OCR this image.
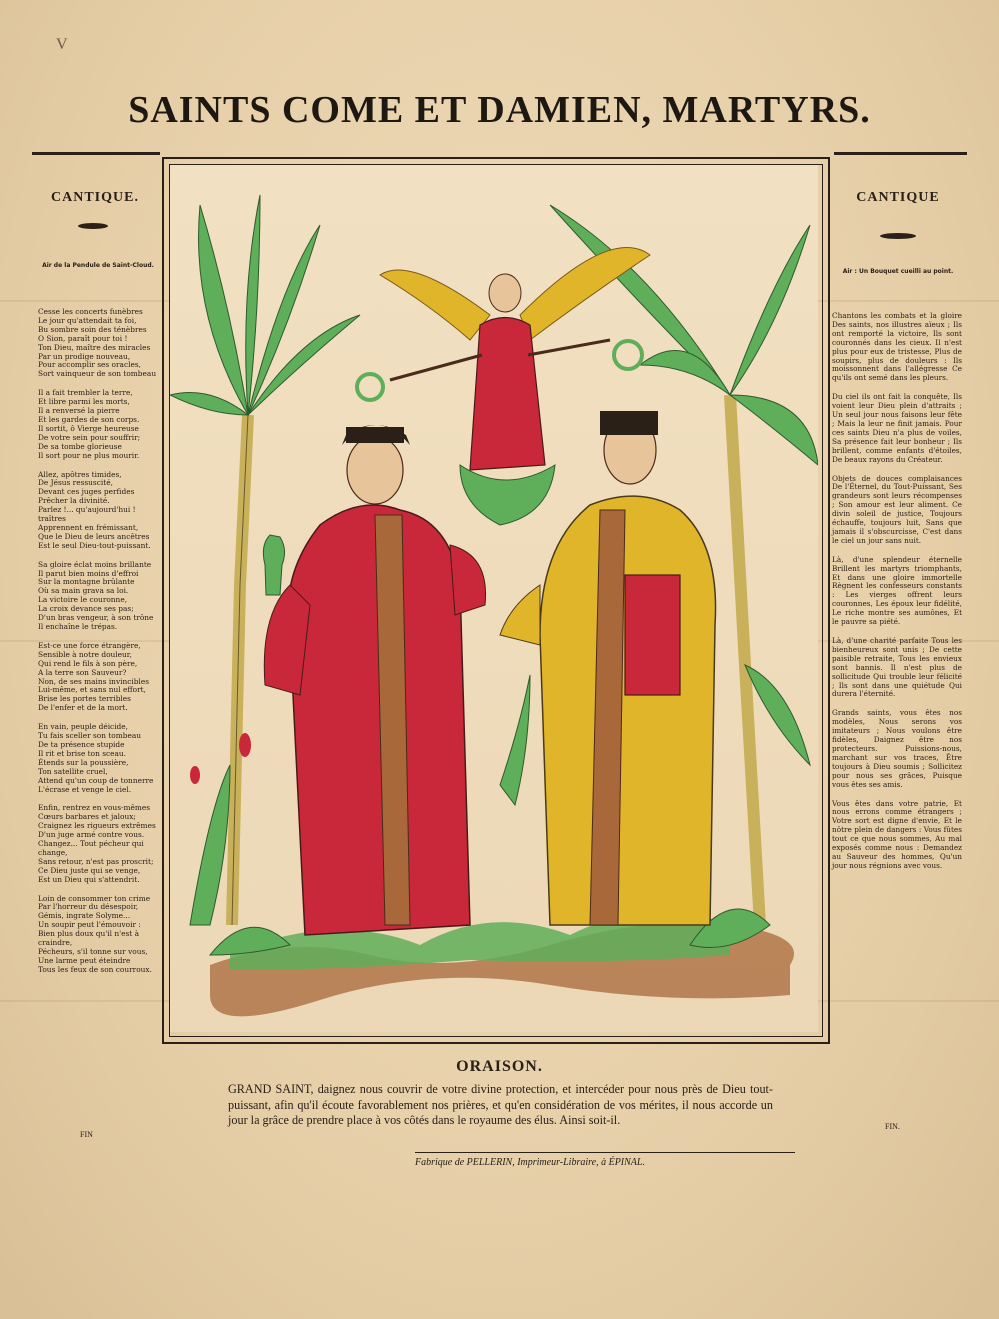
V
SAINTS COME ET DAMIEN, MARTYRS.
CANTIQUE.
Air de la Pendule de Saint-Cloud.
Cesse les concerts funèbres
Le jour qu'attendait ta foi,
Bu sombre soin des ténèbres
O Sion, paraît pour toi !
Ton Dieu, maître des miracles
Par un prodige nouveau,
Pour accomplir ses oracles,
Sort vainqueur de son tombeau
Il a fait trembler la terre,
Et libre parmi les morts,
Il a renversé la pierre
Et les gardes de son corps.
Il sortit, ô Vierge heureuse
De votre sein pour souffrir;
De sa tombe glorieuse
Il sort pour ne plus mourir.
Allez, apôtres timides,
De Jésus ressuscité,
Devant ces juges perfides
Prêcher la divinité.
Parlez !... qu'aujourd'hui !
traîtres
Apprennent en frémissant,
Que le Dieu de leurs ancêtres
Est le seul Dieu-tout-puissant.
Sa gloire éclat moins brillante
Il parut bien moins d'effroi
Sur la montagne brûlante
Où sa main grava sa loi.
La victoire le couronne,
La croix devance ses pas;
D'un bras vengeur, à son trône
Il enchaîne le trépas.
Est-ce une force étrangère,
Sensible à notre douleur,
Qui rend le fils à son père,
A la terre son Sauveur?
Non, de ses mains invincibles
Lui-même, et sans nul effort,
Brise les portes terribles
De l'enfer et de la mort.
En vain, peuple déicide,
Tu fais sceller son tombeau
De ta présence stupide
Il rit et brise ton sceau.
Étends sur la poussière,
Ton satellite cruel,
Attend qu'un coup de tonnerre
L'écrase et venge le ciel.
Enfin, rentrez en vous-mêmes
Cœurs barbares et jaloux;
Craignez les rigueurs extrêmes
D'un juge armé contre vous.
Changez... Tout pécheur qui
change,
Sans retour, n'est pas proscrit;
Ce Dieu juste qui se venge,
Est un Dieu qui s'attendrit.
Loin de consommer ton crime
Par l'horreur du désespoir,
Gémis, ingrate Solyme...
Un soupir peut l'émouvoir :
Bien plus doux qu'il n'est à
craindre,
Pécheurs, s'il tonne sur vous,
Une larme peut éteindre
Tous les feux de son courroux.
FIN
CANTIQUE
Air : Un Bouquet cueilli au point.
Chantons les combats et la gloire Des saints, nos illustres aïeux ; Ils ont remporté la victoire, Ils sont couronnés dans les cieux. Il n'est plus pour eux de tristesse, Plus de soupirs, plus de douleurs : Ils moissonnent dans l'allégresse Ce qu'ils ont semé dans les pleurs.
Du ciel ils ont fait la conquête, Ils voient leur Dieu plein d'attraits ; Un seul jour nous faisons leur fête ; Mais la leur ne finit jamais. Pour ces saints Dieu n'a plus de voiles, Sa présence fait leur bonheur ; Ils brillent, comme enfants d'étoiles, De beaux rayons du Créateur.
Objets de douces complaisances De l'Éternel, du Tout-Puissant, Ses grandeurs sont leurs récompenses ; Son amour est leur aliment. Ce divin soleil de justice, Toujours échauffe, toujours luit, Sans que jamais il s'obscurcisse, C'est dans le ciel un jour sans nuit.
Là, d'une splendeur éternelle Brillent les martyrs triomphants, Et dans une gloire immortelle Règnent les confesseurs constants : Les vierges offrent leurs couronnes, Les époux leur fidélité, Le riche montre ses aumônes, Et le pauvre sa piété.
Là, d'une charité parfaite Tous les bienheureux sont unis ; De cette paisible retraite, Tous les envieux sont bannis. Il n'est plus de sollicitude Qui trouble leur félicité ; Ils sont dans une quiétude Qui durera l'éternité.
Grands saints, vous êtes nos modèles, Nous serons vos imitateurs ; Nous voulons être fidèles, Daignez être nos protecteurs. Puissions-nous, marchant sur vos traces, Être toujours à Dieu soumis ; Sollicitez pour nous ses grâces, Puisque vous êtes ses amis.
Vous êtes dans votre patrie, Et nous errons comme étrangers ; Votre sort est digne d'envie, Et le nôtre plein de dangers : Vous fûtes tout ce que nous sommes, Au mal exposés comme nous : Demandez au Sauveur des hommes, Qu'un jour nous régnions avec vous.
FIN.
ORAISON.
GRAND SAINT, daignez nous couvrir de votre divine protection, et intercéder pour nous près de Dieu tout-puissant, afin qu'il écoute favorablement nos prières, et qu'en considération de vos mérites, il nous accorde un jour la grâce de prendre place à vos côtés dans le royaume des élus. Ainsi soit-il.
Fabrique de PELLERIN, Imprimeur-Libraire, à ÉPINAL.
